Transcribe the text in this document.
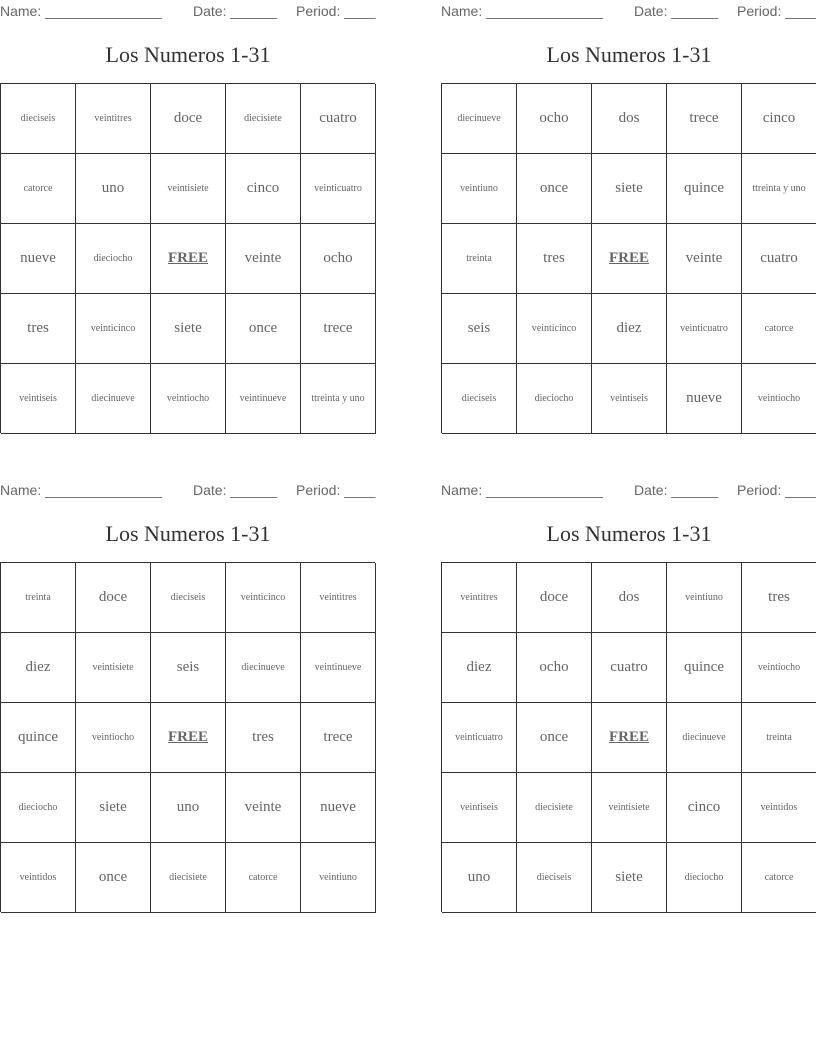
Name: _______________ Date: ______ Period: ____
Los Numeros 1-31
dieciseis	veintitres	doce	diecisiete	cuatro
catorce	uno	veintisiete	cinco	veinticuatro
nueve	dieciocho	FREE	veinte	ocho
tres	veinticinco	siete	once	trece
veintiseis	diecinueve	veintiocho	veintinueve	ttreinta y uno
Name: _______________ Date: ______ Period: ____
Los Numeros 1-31
diecinueve	ocho	dos	trece	cinco
veintiuno	once	siete	quince	ttreinta y uno
treinta	tres	FREE	veinte	cuatro
seis	veinticinco	diez	veinticuatro	catorce
dieciseis	dieciocho	veintiseis	nueve	veintiocho
Name: _______________ Date: ______ Period: ____
Los Numeros 1-31
treinta	doce	dieciseis	veinticinco	veintitres
diez	veintisiete	seis	diecinueve	veintinueve
quince	veintiocho	FREE	tres	trece
dieciocho	siete	uno	veinte	nueve
veintidos	once	diecisiete	catorce	veintiuno
Name: _______________ Date: ______ Period: ____
Los Numeros 1-31
veintitres	doce	dos	veintiuno	tres
diez	ocho	cuatro	quince	veintiocho
veinticuatro	once	FREE	diecinueve	treinta
veintiseis	diecisiete	veintisiete	cinco	veintidos
uno	dieciseis	siete	dieciocho	catorce
